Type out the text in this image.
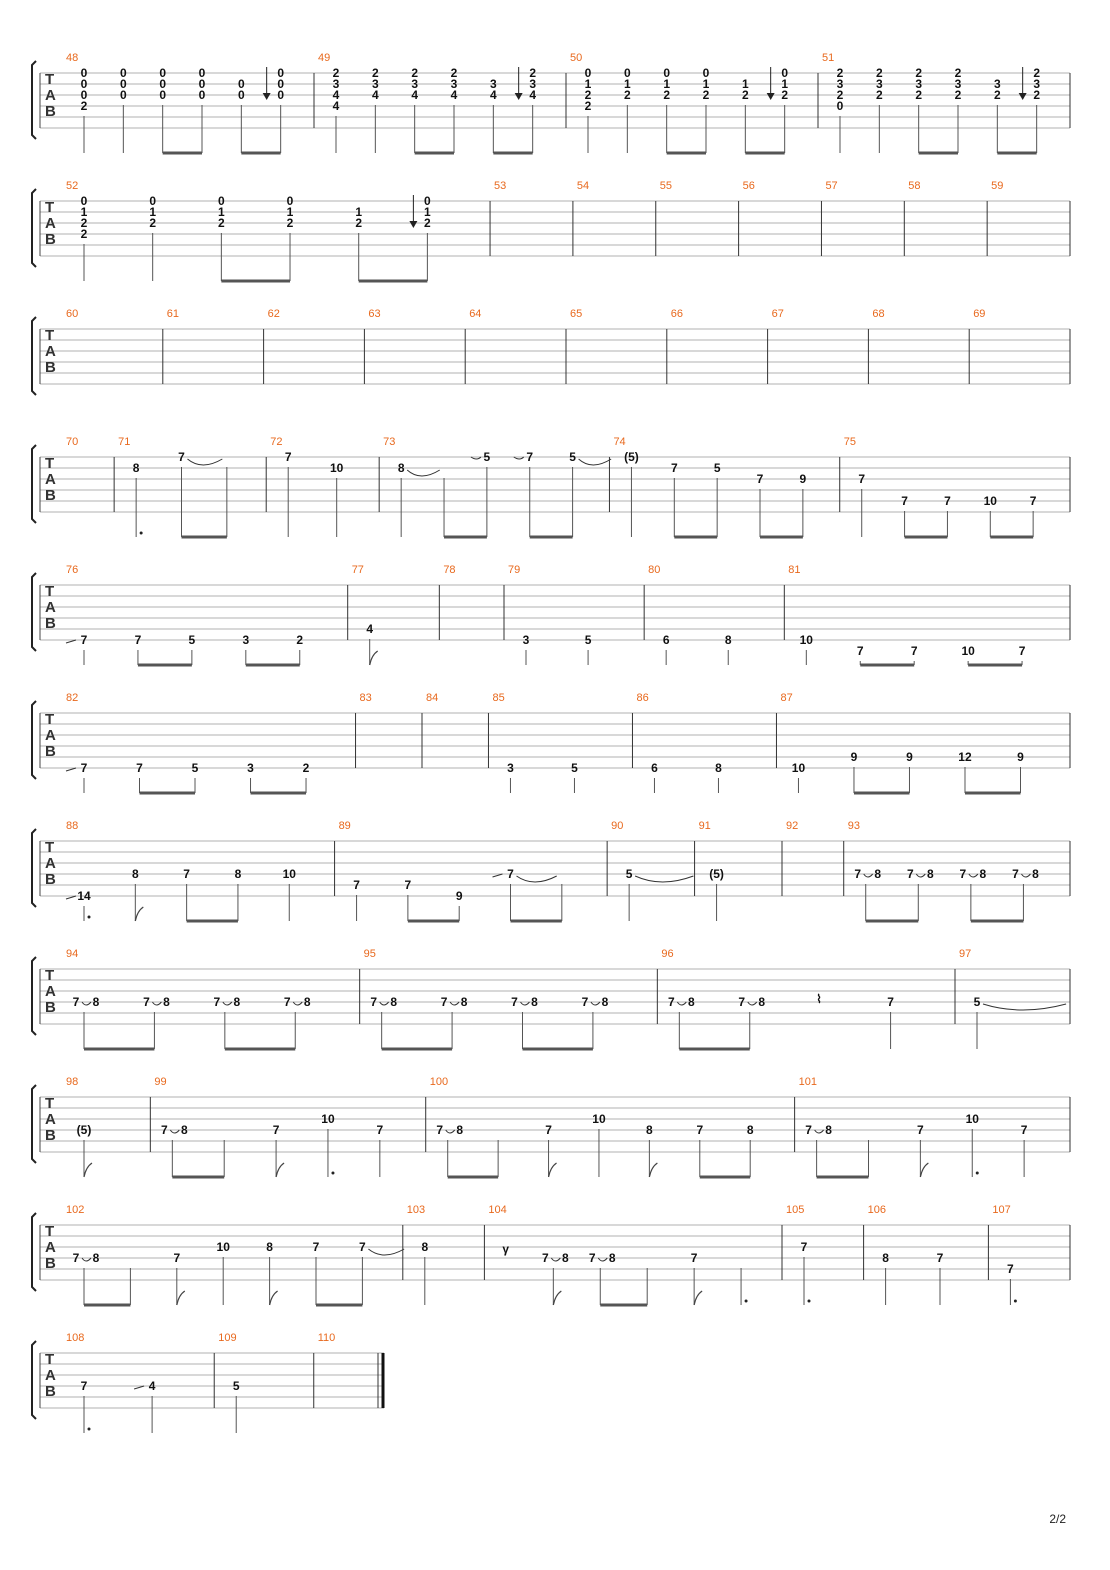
T
A
B
48
0
0
0
2
0
0
0
0
0
0
0
0
0
0
0
0
0
0
49
2
3
4
4
2
3
4
2
3
4
2
3
4
3
4
2
3
4
50
0
1
2
2
0
1
2
0
1
2
0
1
2
1
2
0
1
2
51
2
3
2
0
2
3
2
2
3
2
2
3
2
3
2
2
3
2
T
A
B
52
0
1
2
2
0
1
2
0
1
2
0
1
2
1
2
0
1
2
53	54	55	56	57	58	59
T
A
B
60	61	62	63	64	65	66	67	68	69
T
A
B
70	71
8
7
72
7
10
73
8
5	7	5
74
(5)
7	5
7	9
75
7
7	7	10	7
T
A
B
76
7	7	5	3	2
77
4
78	79
3	5
80
6	8
81
10
7	7	10	7
T
A
B
82
7	7	5	3	2
83	84	85
3	5
86
6	8
87
10
9	9	12	9
T
A
B
88
14
8	7	8	10
89
7	7
9
7
90
5
91
(5)
92	93
7 8 7 8 7 8 7 8
T
A
B
94
7 8	7 8	7 8	7 8
95
7 8	7 8	7 8	7 8
96
7 8	7 8	⌇	7
97
5
T
A
B
98
(5)
99
7 8	7
10
7
100
7 8	7
10
8	7	8
101
7 8	7
10
7
T
A
B
102
7 8	7
10	8	7	7
103
8
104
γ
7 8 7 8	7
105
7
106
8	7
107
7
T
A
B
108
7	4
109
5
110
2/2
